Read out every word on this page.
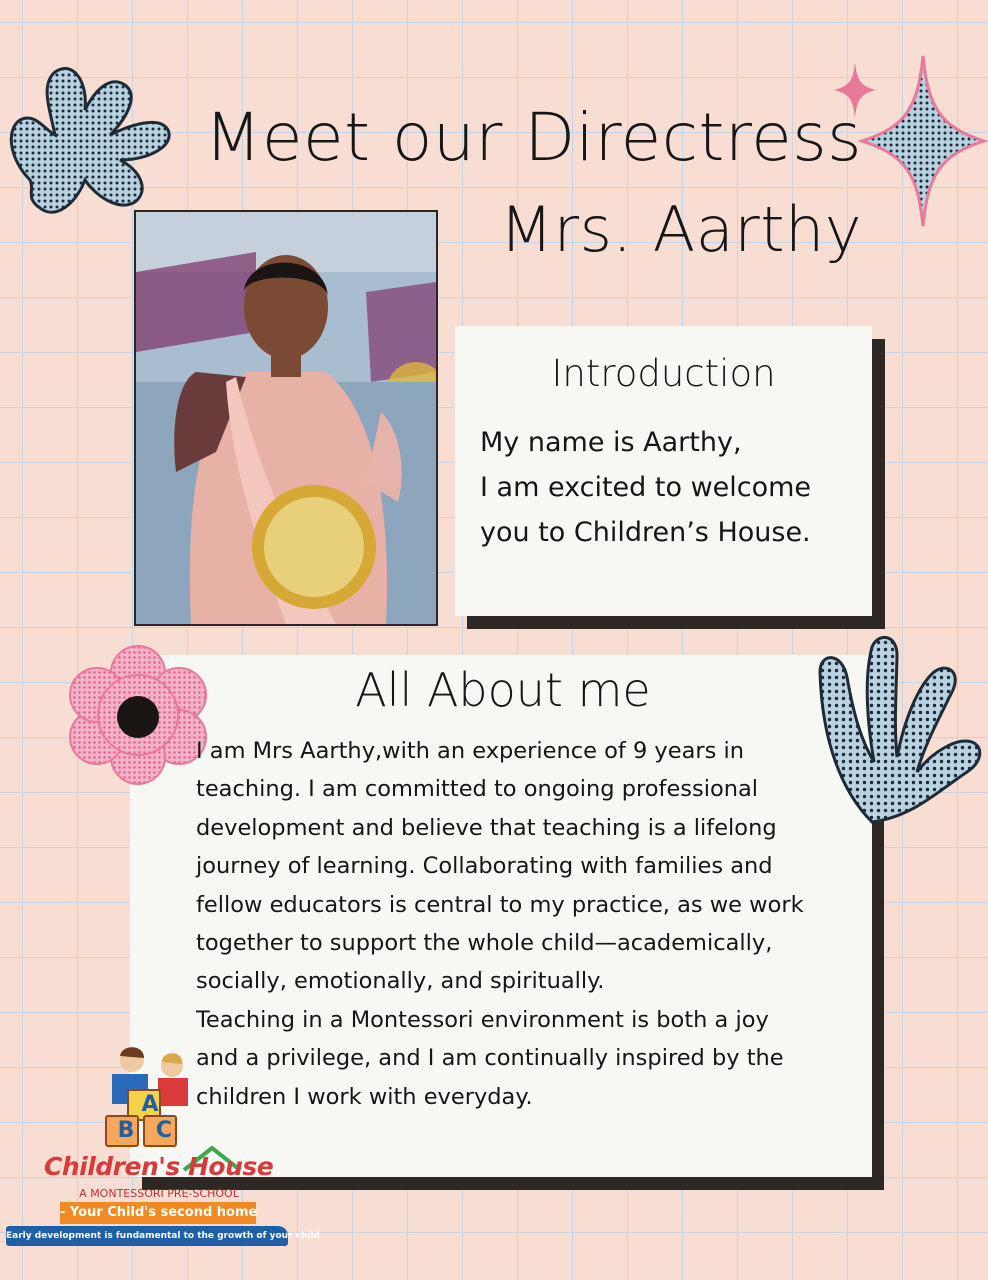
Meet our Directress
Mrs. Aarthy
Introduction

My name is Aarthy,
I am excited to welcome
you to Children’s House.

All About me

I am Mrs Aarthy,with an experience of 9 years in
teaching. I am committed to ongoing professional
development and believe that teaching is a lifelong
journey of learning. Collaborating with families and
fellow educators is central to my practice, as we work
together to support the whole child—academically,
socially, emotionally, and spiritually.
Teaching in a Montessori environment is both a joy
and a privilege, and I am continually inspired by the
children I work with everyday.

A
B C
Children's House
A MONTESSORI PRE-SCHOOL
- Your Child's second home
Early development is fundamental to the growth of your child
